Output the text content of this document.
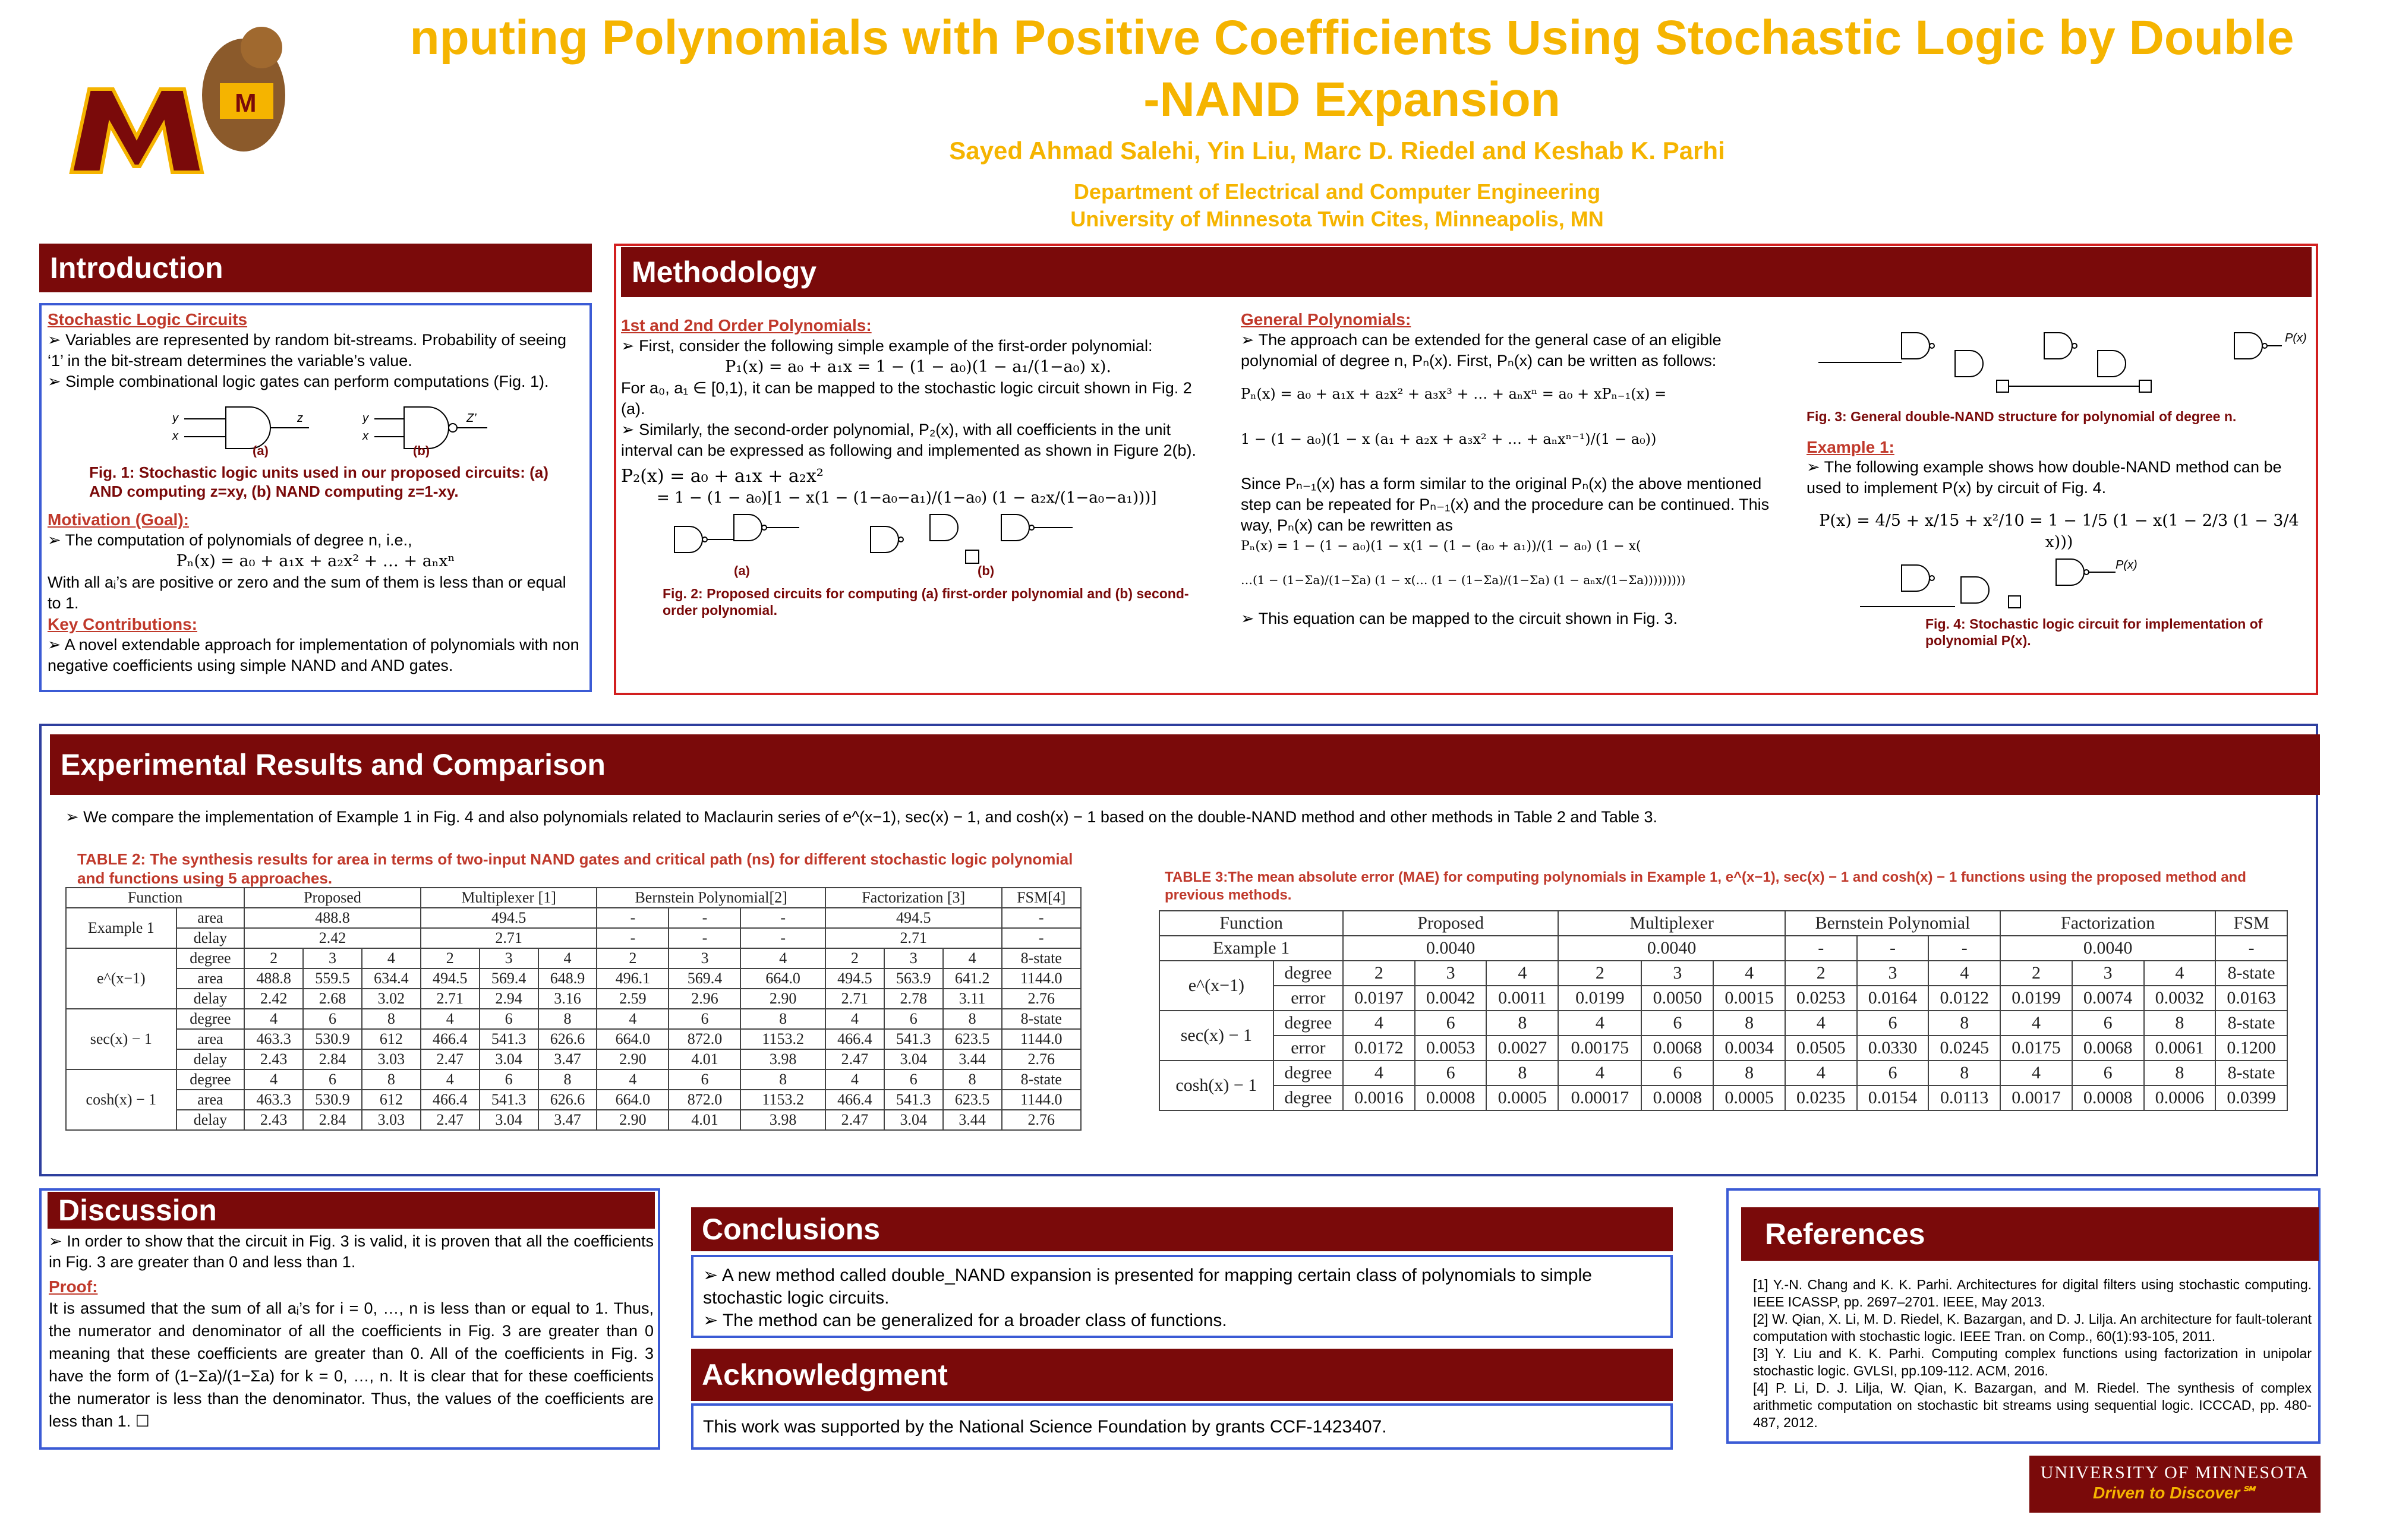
M
nputing Polynomials with Positive Coefficients Using Stochastic Logic by Double
-NAND Expansion
Sayed Ahmad Salehi, Yin Liu, Marc D. Riedel and Keshab K. Parhi
Department of Electrical and Computer Engineering
University of Minnesota Twin Cites, Minneapolis, MN
Introduction
Stochastic Logic Circuits
➢ Variables are represented by random bit-streams. Probability of seeing ‘1’ in the bit-stream determines the variable’s value.
➢ Simple combinational logic gates can perform computations (Fig. 1).
y
x
z	y
x
Z’
(a)	(b)
Fig. 1: Stochastic logic units used in our proposed circuits: (a) AND computing z=xy, (b) NAND computing z=1-xy.
Motivation (Goal):
➢ The computation of polynomials of degree n, i.e.,
Pₙ(x) = a₀ + a₁x + a₂x² + … + aₙxⁿ
With all aᵢ’s are positive or zero and the sum of them is less than or equal to 1.
Key Contributions:
➢ A novel extendable approach for implementation of polynomials with non negative coefficients using simple NAND and AND gates.
Methodology
1st and 2nd Order Polynomials:
➢ First, consider the following simple example of the first-order polynomial:
P₁(x) = a₀ + a₁x = 1 − (1 − a₀)(1 − a₁/(1−a₀) x).
For a₀, a₁ ∈ [0,1), it can be mapped to the stochastic logic circuit shown in Fig. 2 (a).
➢ Similarly, the second-order polynomial, P₂(x), with all coefficients in the unit interval can be expressed as following and implemented as shown in Figure 2(b).
P₂(x) = a₀ + a₁x + a₂x²
= 1 − (1 − a₀)[1 − x(1 − (1−a₀−a₁)/(1−a₀) (1 − a₂x/(1−a₀−a₁)))]
(a)	(b)
Fig. 2: Proposed circuits for computing (a) first-order polynomial and (b) second-order polynomial.
General Polynomials:
➢ The approach can be extended for the general case of an eligible polynomial of degree n, Pₙ(x). First, Pₙ(x) can be written as follows:
Pₙ(x) = a₀ + a₁x + a₂x² + a₃x³ + … + aₙxⁿ = a₀ + xPₙ₋₁(x) =
1 − (1 − a₀)(1 − x (a₁ + a₂x + a₃x² + … + aₙxⁿ⁻¹)/(1 − a₀))
Since Pₙ₋₁(x) has a form similar to the original Pₙ(x) the above mentioned step can be repeated for Pₙ₋₁(x) and the procedure can be continued. This way, Pₙ(x) can be rewritten as
Pₙ(x) = 1 − (1 − a₀)(1 − x(1 − (1 − (a₀ + a₁))/(1 − a₀) (1 − x(
…(1 − (1−Σa)/(1−Σa) (1 − x(… (1 − (1−Σa)/(1−Σa) (1 − aₙx/(1−Σa)))))))))
➢ This equation can be mapped to the circuit shown in Fig. 3.
P(x)
Fig. 3: General double-NAND structure for polynomial of degree n.
Example 1:
➢ The following example shows how double-NAND method can be used to implement P(x) by circuit of Fig. 4.
P(x) = 4/5 + x/15 + x²/10 = 1 − 1/5 (1 − x(1 − 2/3 (1 − 3/4 x)))
P(x)
Fig. 4: Stochastic logic circuit for implementation of polynomial P(x).
Experimental Results and Comparison
➢ We compare the implementation of Example 1 in Fig. 4 and also polynomials related to Maclaurin series of e^(x−1), sec(x) − 1, and cosh(x) − 1 based on the double-NAND method and other methods in Table 2 and Table 3.
TABLE 2: The synthesis results for area in terms of two-input NAND gates and critical path (ns) for different stochastic logic polynomial and functions using 5 approaches.
Function		Proposed			Multiplexer [1]			Bernstein Polynomial[2]			Factorization [3]			FSM[4]
Example 1	area	488.8			494.5			-	-	-	494.5			-
	delay	2.42			2.71			-	-	-	2.71			-
e^(x−1)	degree	2	3	4	2	3	4	2	3	4	2	3	4	8-state
	area	488.8	559.5	634.4	494.5	569.4	648.9	496.1	569.4	664.0	494.5	563.9	641.2	1144.0
	delay	2.42	2.68	3.02	2.71	2.94	3.16	2.59	2.96	2.90	2.71	2.78	3.11	2.76
sec(x) − 1	degree	4	6	8	4	6	8	4	6	8	4	6	8	8-state
	area	463.3	530.9	612	466.4	541.3	626.6	664.0	872.0	1153.2	466.4	541.3	623.5	1144.0
	delay	2.43	2.84	3.03	2.47	3.04	3.47	2.90	4.01	3.98	2.47	3.04	3.44	2.76
cosh(x) − 1	degree	4	6	8	4	6	8	4	6	8	4	6	8	8-state
	area	463.3	530.9	612	466.4	541.3	626.6	664.0	872.0	1153.2	466.4	541.3	623.5	1144.0
	delay	2.43	2.84	3.03	2.47	3.04	3.47	2.90	4.01	3.98	2.47	3.04	3.44	2.76
TABLE 3:The mean absolute error (MAE) for computing polynomials in Example 1, e^(x−1), sec(x) − 1 and cosh(x) − 1 functions using the proposed method and previous methods.
Function		Proposed			Multiplexer			Bernstein Polynomial			Factorization			FSM
Example 1		0.0040			0.0040			-	-	-	0.0040			-
e^(x−1)	degree	2	3	4	2	3	4	2	3	4	2	3	4	8-state
	error	0.0197	0.0042	0.0011	0.0199	0.0050	0.0015	0.0253	0.0164	0.0122	0.0199	0.0074	0.0032	0.0163
sec(x) − 1	degree	4	6	8	4	6	8	4	6	8	4	6	8	8-state
	error	0.0172	0.0053	0.0027	0.00175	0.0068	0.0034	0.0505	0.0330	0.0245	0.0175	0.0068	0.0061	0.1200
cosh(x) − 1	degree	4	6	8	4	6	8	4	6	8	4	6	8	8-state
	degree	0.0016	0.0008	0.0005	0.00017	0.0008	0.0005	0.0235	0.0154	0.0113	0.0017	0.0008	0.0006	0.0399
Discussion
➢ In order to show that the circuit in Fig. 3 is valid, it is proven that all the coefficients in Fig. 3 are greater than 0 and less than 1.
Proof:
It is assumed that the sum of all aᵢ’s for i = 0, …, n is less than or equal to 1. Thus, the numerator and denominator of all the coefficients in Fig. 3 are greater than 0 meaning that these coefficients are greater than 0. All of the coefficients in Fig. 3 have the form of (1−Σa)/(1−Σa) for k = 0, …, n. It is clear that for these coefficients the numerator is less than the denominator. Thus, the values of the coefficients are less than 1. ☐
Conclusions
➢ A new method called double_NAND expansion is presented for mapping certain class of polynomials to simple stochastic logic circuits.
➢ The method can be generalized for a broader class of functions.
Acknowledgment
This work was supported by the National Science Foundation by grants CCF-1423407.
References
[1] Y.-N. Chang and K. K. Parhi. Architectures for digital filters using stochastic computing. IEEE ICASSP, pp. 2697–2701. IEEE, May 2013.
[2] W. Qian, X. Li, M. D. Riedel, K. Bazargan, and D. J. Lilja. An architecture for fault-tolerant computation with stochastic logic. IEEE Tran. on Comp., 60(1):93-105, 2011.
[3] Y. Liu and K. K. Parhi. Computing complex functions using factorization in unipolar stochastic logic. GVLSI, pp.109-112. ACM, 2016.
[4] P. Li, D. J. Lilja, W. Qian, K. Bazargan, and M. Riedel. The synthesis of complex arithmetic computation on stochastic bit streams using sequential logic. ICCCAD, pp. 480-487, 2012.
UNIVERSITY OF MINNESOTA
Driven to Discover℠
